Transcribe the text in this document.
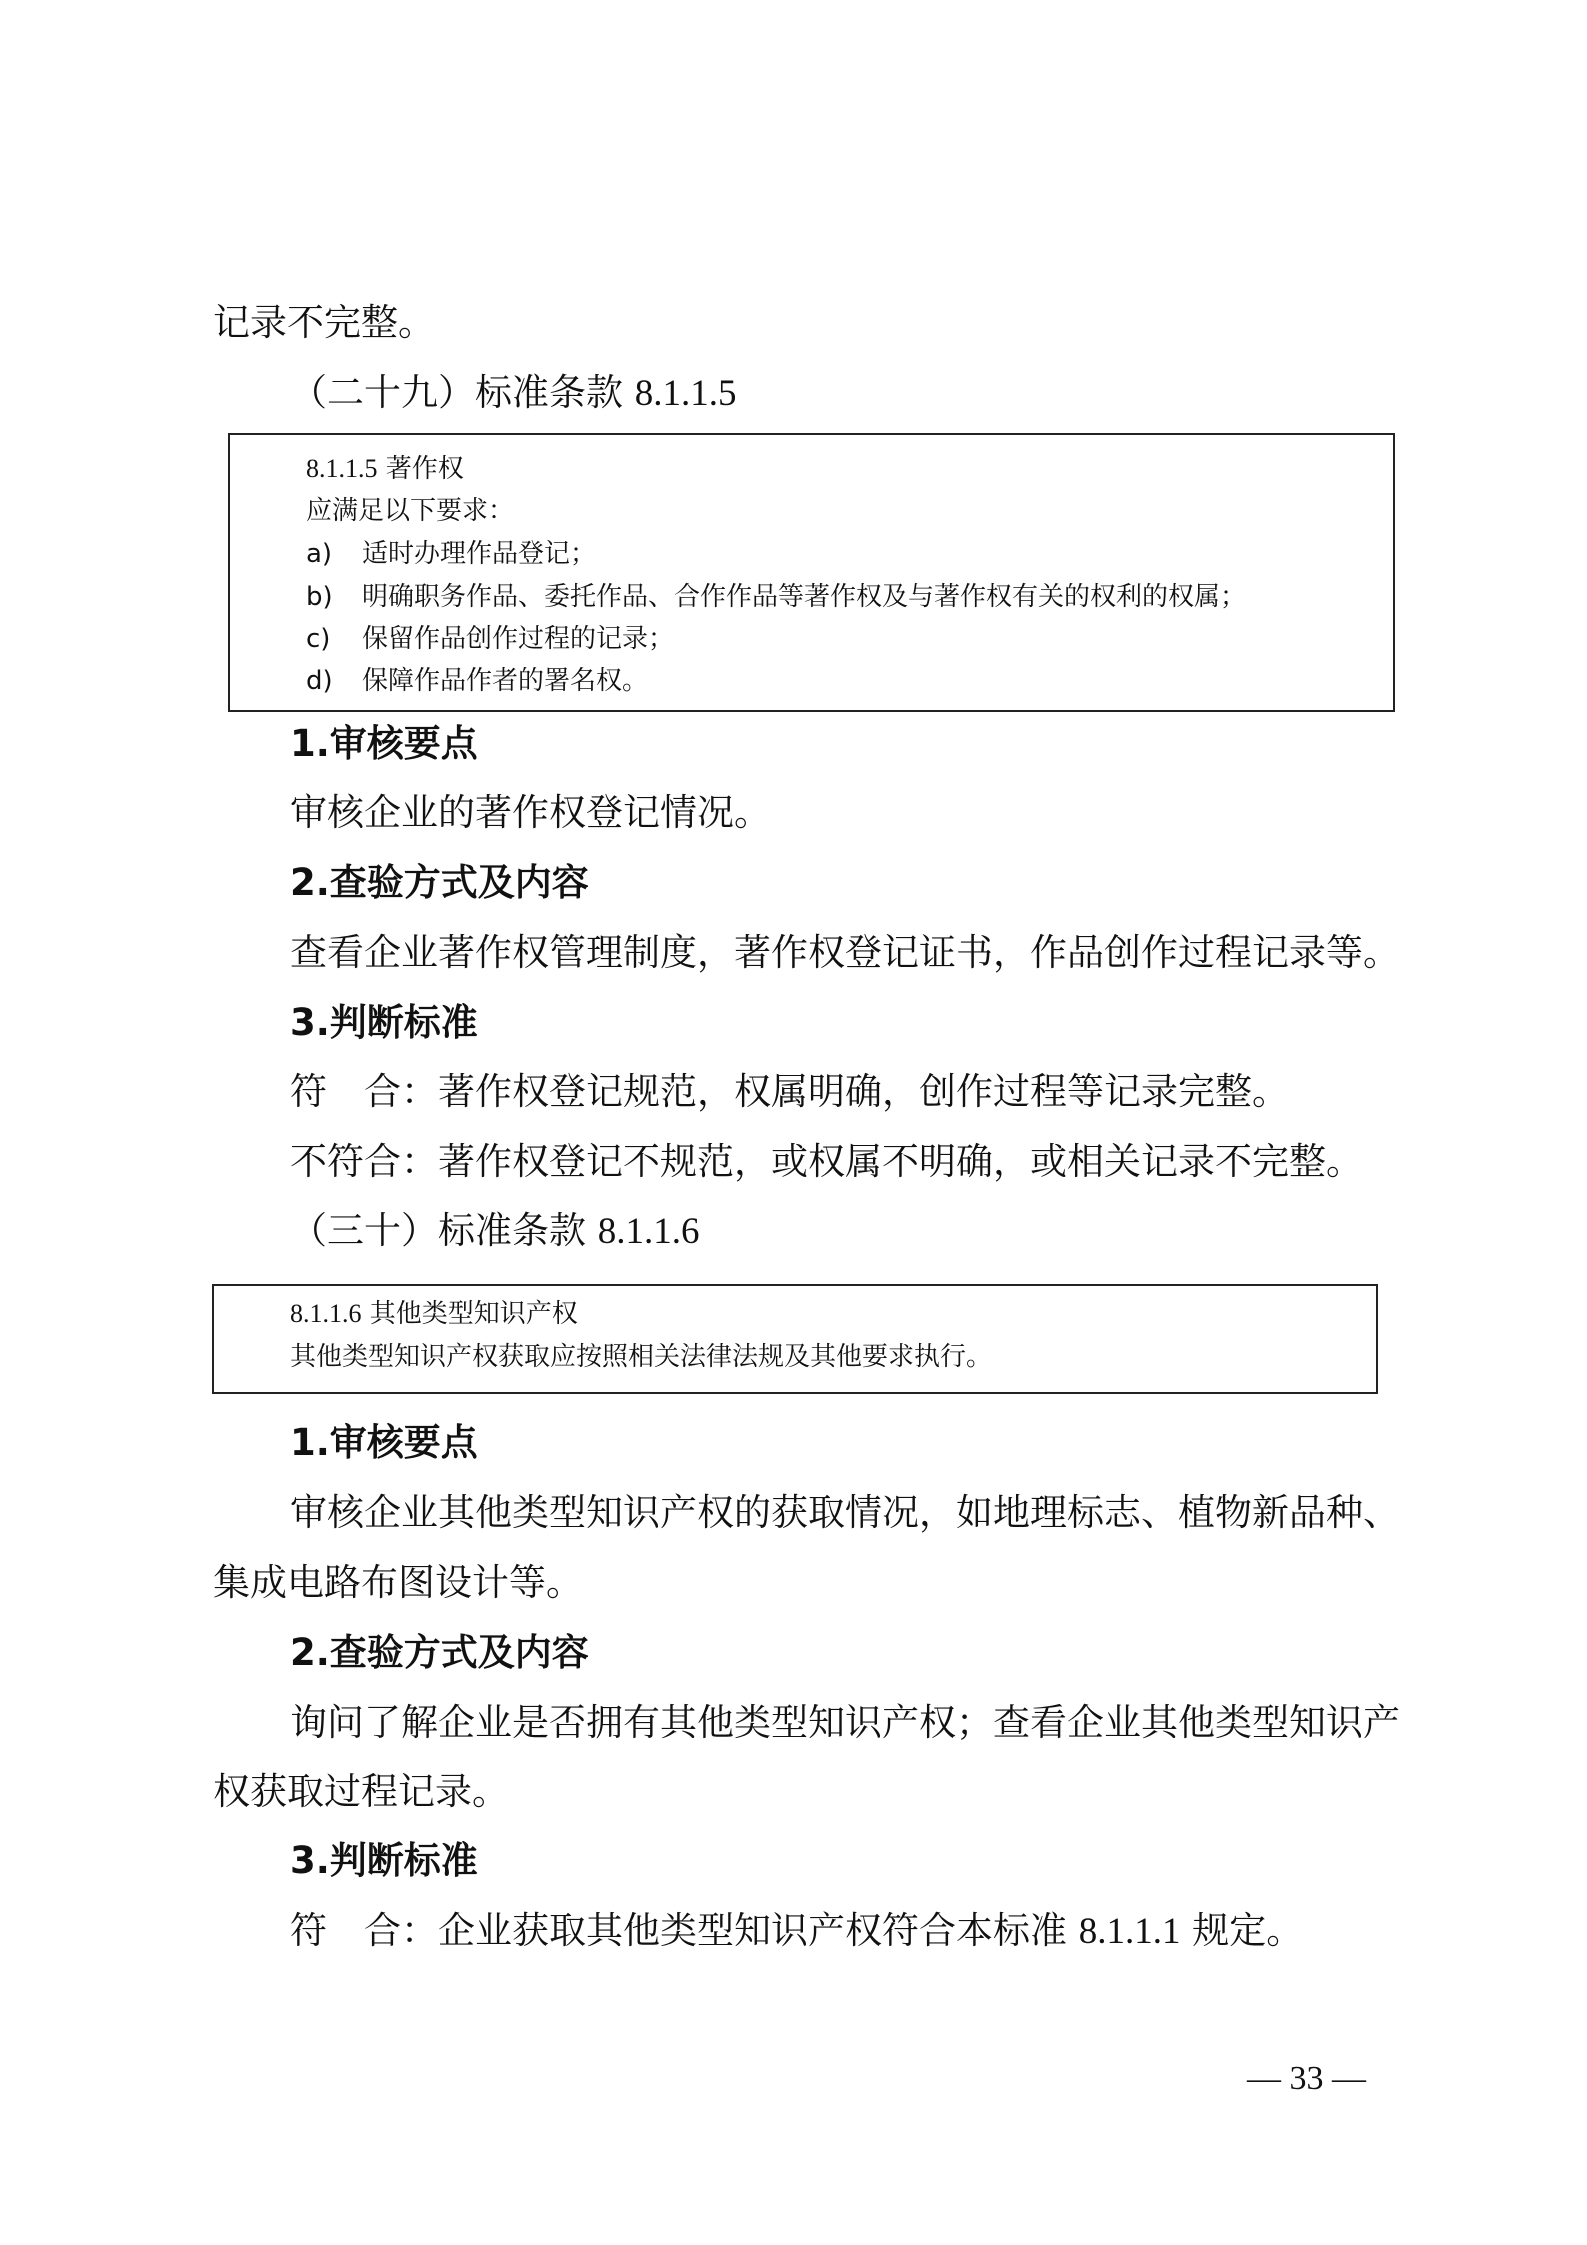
记录不完整。
（二十九）标准条款 8.1.1.5
8.1.1.5 著作权
应满足以下要求：
a) 适时办理作品登记；
b) 明确职务作品、委托作品、合作作品等著作权及与著作权有关的权利的权属；
c) 保留作品创作过程的记录；
d) 保障作品作者的署名权。
1.审核要点
审核企业的著作权登记情况。
2.查验方式及内容
查看企业著作权管理制度，著作权登记证书，作品创作过程记录等。
3.判断标准
符　合：著作权登记规范，权属明确，创作过程等记录完整。
不符合：著作权登记不规范，或权属不明确，或相关记录不完整。
（三十）标准条款 8.1.1.6
8.1.1.6 其他类型知识产权
其他类型知识产权获取应按照相关法律法规及其他要求执行。
1.审核要点
审核企业其他类型知识产权的获取情况，如地理标志、植物新品种、
集成电路布图设计等。
2.查验方式及内容
询问了解企业是否拥有其他类型知识产权；查看企业其他类型知识产
权获取过程记录。
3.判断标准
符　合：企业获取其他类型知识产权符合本标准 8.1.1.1 规定。
— 33 —
